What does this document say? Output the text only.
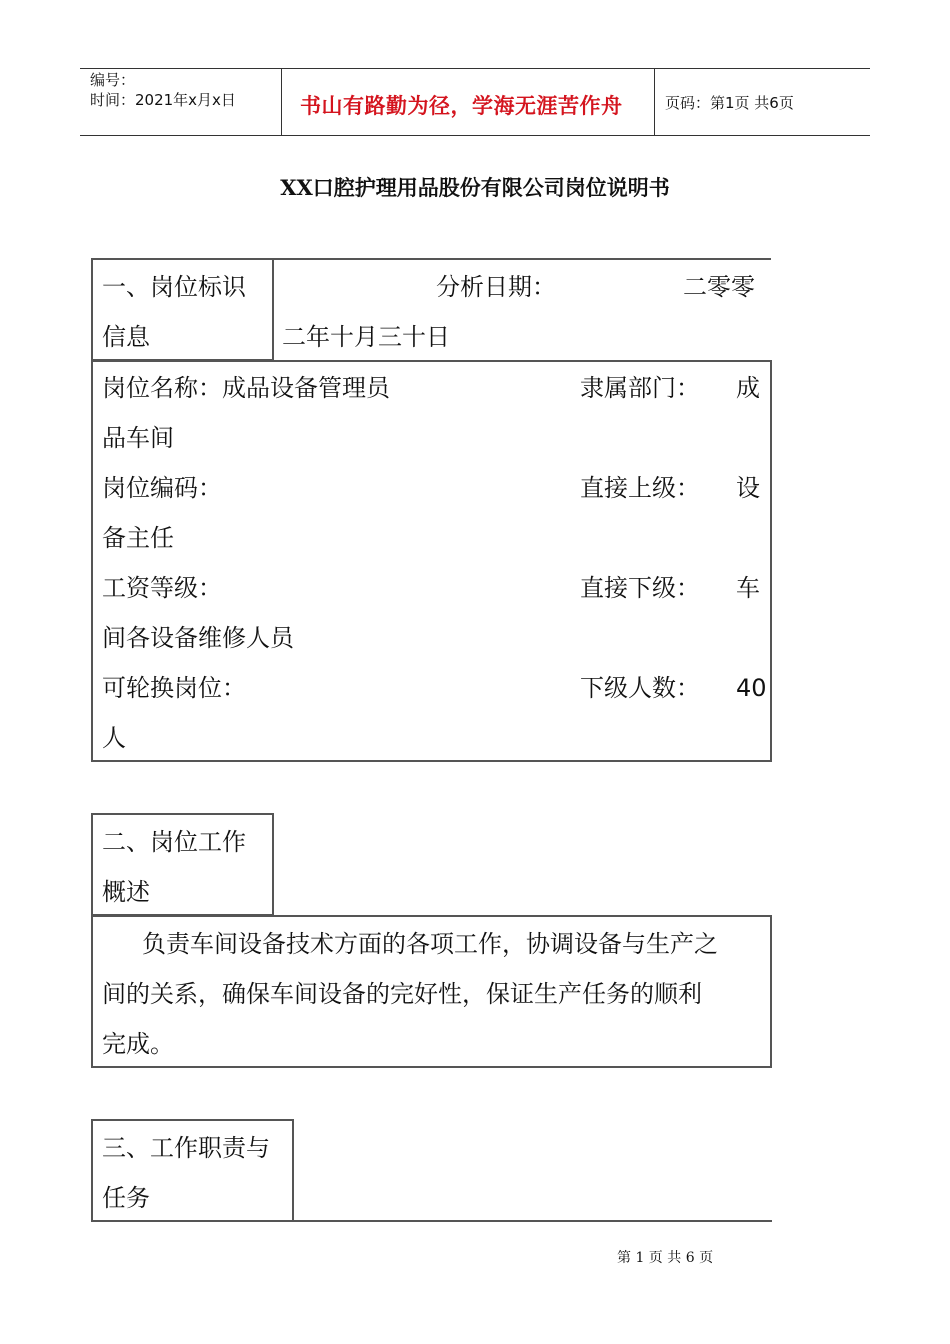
编号：
时间：2021年x月x日	书山有路勤为径，学海无涯苦作舟	页码：第1页 共6页
XX口腔护理用品股份有限公司岗位说明书
一、岗位标识
信息
分析日期：	二零零
二年十月三十日
岗位名称：成品设备管理员	隶属部门： 成
品车间
岗位编码：	直接上级： 设
备主任
工资等级：	直接下级： 车
间各设备维修人员
可轮换岗位：	下级人数： 40
人
二、岗位工作
概述
负责车间设备技术方面的各项工作，协调设备与生产之
间的关系，确保车间设备的完好性，保证生产任务的顺利
完成。
三、工作职责与
任务
第 1 页 共 6 页
